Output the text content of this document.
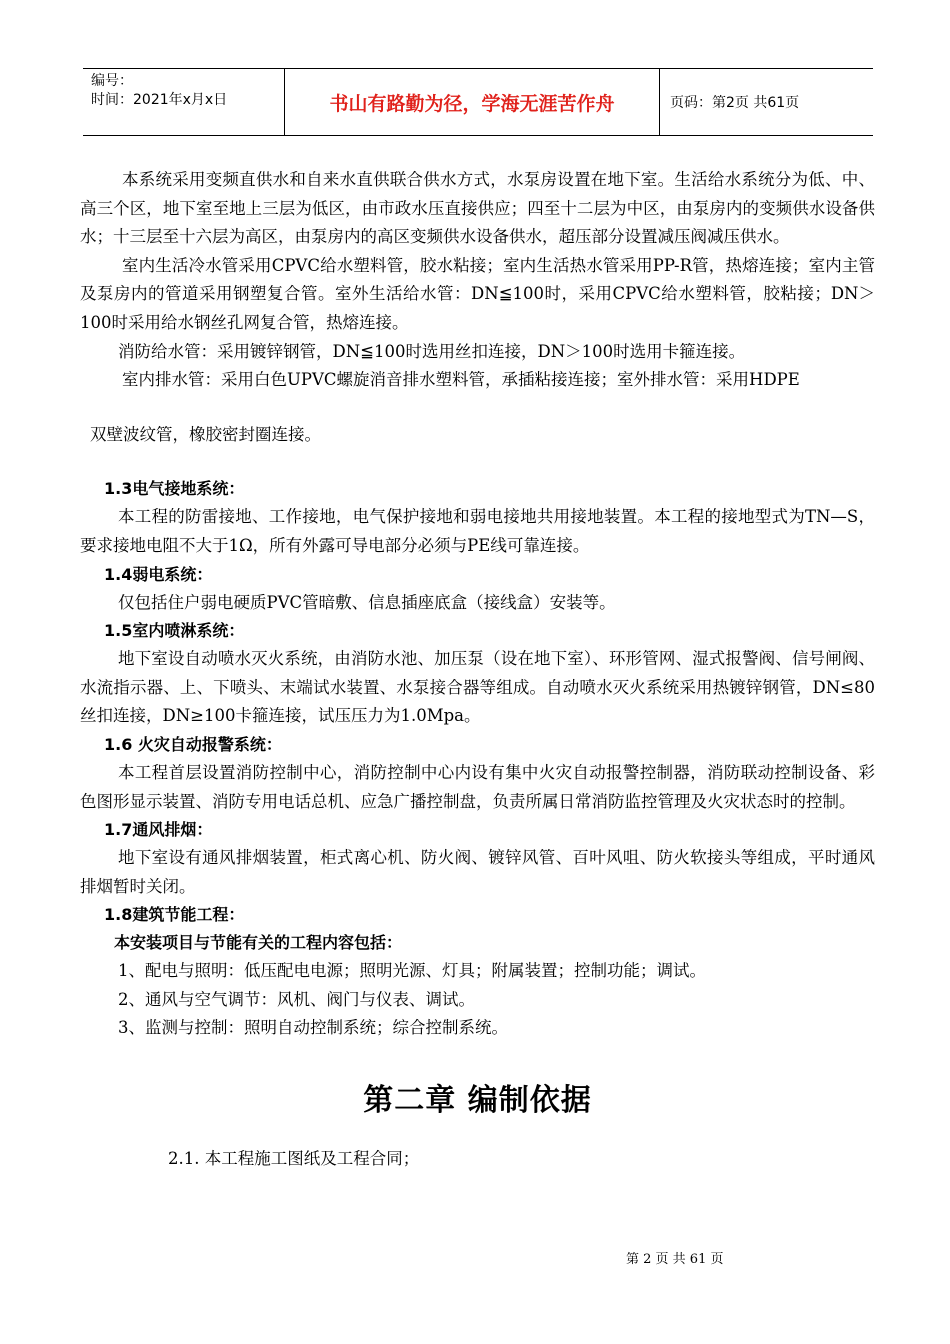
编号：
时间：2021年x月x日	书山有路勤为径，学海无涯苦作舟	页码：第2页 共61页

本系统采用变频直供水和自来水直供联合供水方式，水泵房设置在地下室。生活给水系统分为低、中、高三个区，地下室至地上三层为低区，由市政水压直接供应；四至十二层为中区，由泵房内的变频供水设备供水；十三层至十六层为高区，由泵房内的高区变频供水设备供水，超压部分设置减压阀减压供水。

室内生活冷水管采用CPVC给水塑料管，胶水粘接；室内生活热水管采用PP-R管，热熔连接；室内主管及泵房内的管道采用钢塑复合管。室外生活给水管：DN≦100时，采用CPVC给水塑料管，胶粘接；DN＞100时采用给水钢丝孔网复合管，热熔连接。

消防给水管：采用镀锌钢管，DN≦100时选用丝扣连接，DN＞100时选用卡箍连接。

室内排水管：采用白色UPVC螺旋消音排水塑料管，承插粘接连接；室外排水管：采用HDPE

双壁波纹管，橡胶密封圈连接。

1.3电气接地系统：

本工程的防雷接地、工作接地，电气保护接地和弱电接地共用接地装置。本工程的接地型式为TN—S，要求接地电阻不大于1Ω，所有外露可导电部分必须与PE线可靠连接。

1.4弱电系统：

仅包括住户弱电硬质PVC管暗敷、信息插座底盒（接线盒）安装等。

1.5室内喷淋系统：

地下室设自动喷水灭火系统，由消防水池、加压泵（设在地下室）、环形管网、湿式报警阀、信号闸阀、水流指示器、上、下喷头、末端试水装置、水泵接合器等组成。自动喷水灭火系统采用热镀锌钢管，DN≤80丝扣连接，DN≥100卡箍连接，试压压力为1.0Mpa。

1.6 火灾自动报警系统：

本工程首层设置消防控制中心，消防控制中心内设有集中火灾自动报警控制器，消防联动控制设备、彩色图形显示装置、消防专用电话总机、应急广播控制盘，负责所属日常消防监控管理及火灾状态时的控制。

1.7通风排烟：

地下室设有通风排烟装置，柜式离心机、防火阀、镀锌风管、百叶风咀、防火软接头等组成，平时通风排烟暂时关闭。

1.8建筑节能工程：

本安装项目与节能有关的工程内容包括：

1、配电与照明：低压配电电源；照明光源、灯具；附属装置；控制功能；调试。

2、通风与空气调节：风机、阀门与仪表、调试。

3、监测与控制：照明自动控制系统；综合控制系统。

第二章 编制依据

2.1. 本工程施工图纸及工程合同；

第 2 页 共 61 页
